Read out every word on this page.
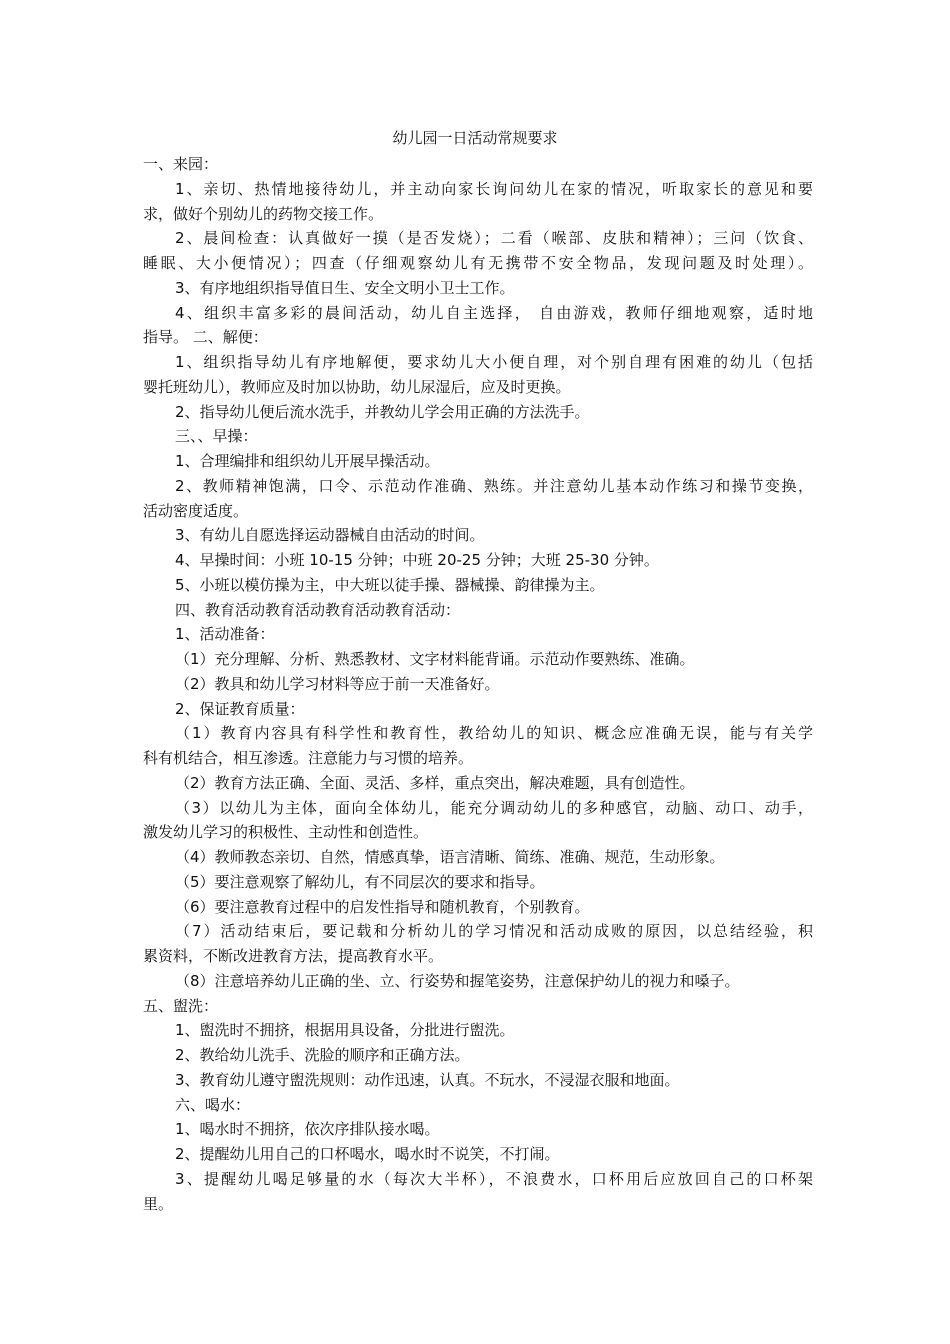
幼儿园一日活动常规要求
一、来园：
1、亲切、热情地接待幼儿，并主动向家长询问幼儿在家的情况，听取家长的意见和要
求，做好个别幼儿的药物交接工作。
2、晨间检查：认真做好一摸（是否发烧）；二看（喉部、皮肤和精神）；三问（饮食、
睡眠、大小便情况）；四查（仔细观察幼儿有无携带不安全物品，发现问题及时处理）。
3、有序地组织指导值日生、安全文明小卫士工作。
4、组织丰富多彩的晨间活动，幼儿自主选择， 自由游戏，教师仔细地观察，适时地
指导。 二、解便：
1、组织指导幼儿有序地解便，要求幼儿大小便自理，对个别自理有困难的幼儿（包括
婴托班幼儿），教师应及时加以协助，幼儿尿湿后，应及时更换。
2、指导幼儿便后流水洗手，并教幼儿学会用正确的方法洗手。
三、、早操：
1、合理编排和组织幼儿开展早操活动。
2、教师精神饱满，口令、示范动作准确、熟练。并注意幼儿基本动作练习和操节变换，
活动密度适度。
3、有幼儿自愿选择运动器械自由活动的时间。
4、早操时间：小班 10-15 分钟；中班 20-25 分钟；大班 25-30 分钟。
5、小班以模仿操为主，中大班以徒手操、器械操、韵律操为主。
四、教育活动教育活动教育活动教育活动：
1、活动准备：
（1）充分理解、分析、熟悉教材、文字材料能背诵。示范动作要熟练、准确。
（2）教具和幼儿学习材料等应于前一天准备好。
2、保证教育质量：
（1）教育内容具有科学性和教育性，教给幼儿的知识、概念应准确无误，能与有关学
科有机结合，相互渗透。注意能力与习惯的培养。
（2）教育方法正确、全面、灵活、多样，重点突出，解决难题，具有创造性。
（3）以幼儿为主体，面向全体幼儿，能充分调动幼儿的多种感官，动脑、动口、动手，
激发幼儿学习的积极性、主动性和创造性。
（4）教师教态亲切、自然，情感真挚，语言清晰、简练、准确、规范，生动形象。
（5）要注意观察了解幼儿，有不同层次的要求和指导。
（6）要注意教育过程中的启发性指导和随机教育，个别教育。
（7）活动结束后，要记载和分析幼儿的学习情况和活动成败的原因，以总结经验，积
累资料，不断改进教育方法，提高教育水平。
（8）注意培养幼儿正确的坐、立、行姿势和握笔姿势，注意保护幼儿的视力和嗓子。
五、盥洗：
1、盥洗时不拥挤，根据用具设备，分批进行盥洗。
2、教给幼儿洗手、洗脸的顺序和正确方法。
3、教育幼儿遵守盥洗规则：动作迅速，认真。不玩水，不浸湿衣服和地面。
六、喝水：
1、喝水时不拥挤，依次序排队接水喝。
2、提醒幼儿用自己的口杯喝水，喝水时不说笑，不打闹。
3、提醒幼儿喝足够量的水（每次大半杯），不浪费水，口杯用后应放回自己的口杯架
里。
